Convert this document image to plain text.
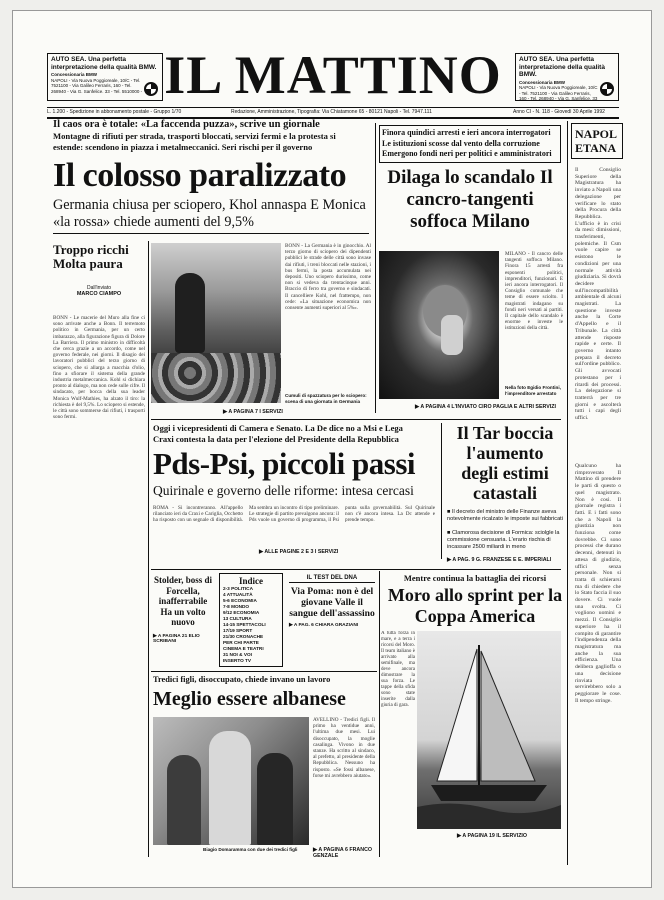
AUTO SEA. Una perfetta interpretazione della qualità BMW.
Concessionaria BMW
NAPOLI - Via Nuova Poggioreale, 10/C - Tel. 7521100 - Via Galileo Ferraris, 160 - Tel. 268940 - Via G. Sanfelice, 33 - Tel. 5510000 - IL MATTINO	AUTO SEA. Una perfetta interpretazione della qualità BMW.
Concessionaria BMW
NAPOLI - Via Nuova Poggioreale, 10/C - Tel. 7521100 - Via Galileo Ferraris, 160 - Tel. 268940 - Via G. Sanfelice, 33
L. 1.200 - Spedizione in abbonamento postale - Gruppo 1/70	Redazione, Amministrazione, Tipografia: Via Chiatamone 65 - 80121 Napoli - Tel. 7947.111	Anno CI - N. 118 - Giovedì 30 Aprile 1992
Il caos ora è totale: «La faccenda puzza», scrive un giornale
Montagne di rifiuti per strada, trasporti bloccati, servizi fermi e la protesta si estende: scendono in piazza i metalmeccanici. Seri rischi per il governo
Il colosso paralizzato
Germania chiusa per sciopero, Khol annaspa E Monica «la rossa» chiede aumenti del 9,5%
Troppo ricchi Molta paura
Dall'inviato
MARCO CIAMPO
BONN - Le macerie del Muro alla fine ci sono arrivate anche a Bonn. Il terremoto politico in Germania, per un certo imbarazzo, alla figurazione figura di Dolore La Barriera. Il primo ministro in difficoltà che cerca grazie a un accordo, come nel governo federale, nei giorni. Il disagio dei lavoratori pubblici del terzo giorno di sciopero, che si allarga a macchia d'olio, fino a sfiorare il sistema della grande industria metalmeccanica. Kohl si dichiara pronto al dialogo, ma non cede sulle cifre. Il sindacato, per bocca della sua leader Monica Wulf-Mathies, ha alzato il tiro: la richiesta è del 9,5%. Lo sciopero si estende, le città sono sommerse dai rifiuti, i trasporti sono fermi.
BONN - La Germania è in ginocchio. Al terzo giorno di sciopero dei dipendenti pubblici le strade delle città sono invase dai rifiuti, i treni bloccati nelle stazioni, i bus fermi, la posta accumulata nei depositi. Uno sciopero durissimo, come non si vedeva da trentacinque anni. Braccio di ferro tra governo e sindacati. Il cancelliere Kohl, nel frattempo, non cede: «La situazione economica non consente aumenti superiori al 5%».
Cumuli di spazzatura per lo sciopero: scena di una giornata in Germania
▶ A PAGINA 7 I SERVIZI
Finora quindici arresti e ieri ancora interrogatori Le istituzioni scosse dal vento della corruzione Emergono fondi neri per politici e amministratori
Dilaga lo scandalo Il cancro-tangenti soffoca Milano
MILANO - Il cancro delle tangenti soffoca Milano. Finora 15 arresti fra esponenti politici, imprenditori, funzionari. E ieri ancora interrogatori. Il Consiglio comunale che teme di essere sciolto. I magistrati indagano su fondi neri versati ai partiti. Il capitale dello scandalo è enorme e investe le istituzioni della città.
Nella foto Egidio Frontini, l'imprenditore arrestato
▶ A PAGINA 4 L'INVIATO CIRO PAGLIA E ALTRI SERVIZI
NAPOLETANA
Il Consiglio Superiore della Magistratura ha inviato a Napoli una delegazione per verificare lo stato della Procura della Repubblica. L'ufficio è in crisi da mesi: dimissioni, trasferimenti, polemiche. Il Csm vuole capire se esistono le condizioni per una normale attività giudiziaria. Si dovrà decidere sull'incompatibilità ambientale di alcuni magistrati. La questione investe anche la Corte d'Appello e il Tribunale. La città attende risposte rapide e certe. Il governo intanto prepara il decreto sull'ordine pubblico. Gli avvocati protestano per i ritardi dei processi. La delegazione si tratterrà per tre giorni e ascolterà tutti i capi degli uffici.
Qualcuno ha rimproverato Il Mattino di prendere le parti di questo o quel magistrato. Non è così. Il giornale registra i fatti. E i fatti sono che a Napoli la giustizia non funziona come dovrebbe. Ci sono processi che durano decenni, detenuti in attesa di giudizio, uffici senza personale. Non si tratta di schierarsi ma di chiedere che lo Stato faccia il suo dovere. Ci vuole una svolta. Ci vogliono uomini e mezzi. Il Consiglio superiore ha il compito di garantire l'indipendenza della magistratura ma anche la sua efficienza. Una delibera gaglioffa o una decisione rinviata servirebbero solo a peggiorare le cose. Il tempo stringe.
Oggi i vicepresidenti di Camera e Senato. La De dice no a Msi e Lega Craxi contesta la data per l'elezione del Presidente della Repubblica
Pds-Psi, piccoli passi
Quirinale e governo delle riforme: intesa cercasi
ROMA - Si incontreranno. All'appello rilanciato ieri da Craxi e Cariglia, Occhetto ha risposto con un segnale di disponibilità. Ma sembra un incontro di tipo preliminare. Le strategie di partito prevalgono ancora: il Pds vuole un governo di programma, il Psi punta sulla governabilità. Sul Quirinale non c'è ancora intesa. La Dc attende e prende tempo.
▶ ALLE PAGINE 2 E 3 I SERVIZI
Il Tar boccia l'aumento degli estimi catastali
■ Il decreto del ministro delle Finanze aveva notevolmente ricalzato le imposte sui fabbricati
■ Clamorosa decisione di Formica: sciolgle la commissione censuaria. L'erario rischia di incassare 2500 miliardi in meno
▶ A PAG. 9 G. FRANZESE E E. IMPERIALI
Stolder, boss di Forcella, inafferrabile Ha un volto nuovo
▶ A PAGINA 21 ELIO SCRIBANI
Indice
2-3 POLITICA
4 ATTUALITÀ
5-6 ECONOMIA
7-8 MONDO
9/12 ECONOMIA
13 CULTURA
14-15 SPETTACOLI
17/19 SPORT
21/30 CRONACHE
PER CHI PARTE
CINEMA E TEATRI
31 NOI & VOI
INSERTO TV
IL TEST DEL DNA
Via Poma: non è del giovane Valle il sangue dell'assassino
▶ A PAG. 6 CHIARA GRAZIANI
Mentre continua la battaglia dei ricorsi
Moro allo sprint per la Coppa America
A tutta forza in mare, e a terra i ricorsi del Moro. Il team italiano è arrivato alla semifinale, ma deve ancora dimostrare la sua forza. Le tappe della sfida sono state inserite dalla giuria di gara.
▶ A PAGINA 19 IL SERVIZIO
Tredici figli, disoccupato, chiede invano un lavoro
Meglio essere albanese
Biagio Domaramma con due dei tredici figli
AVELLINO - Tredici figli. Il primo ha ventidue anni, l'ultima due mesi. Lui disoccupato, la moglie casalinga. Vivono in due stanze. Ha scritto al sindaco, al prefetto, al presidente della Repubblica. Nessuno ha risposto. «Se fossi albanese, forse mi avrebbero aiutato».
▶ A PAGINA 6 FRANCO GENZALE
